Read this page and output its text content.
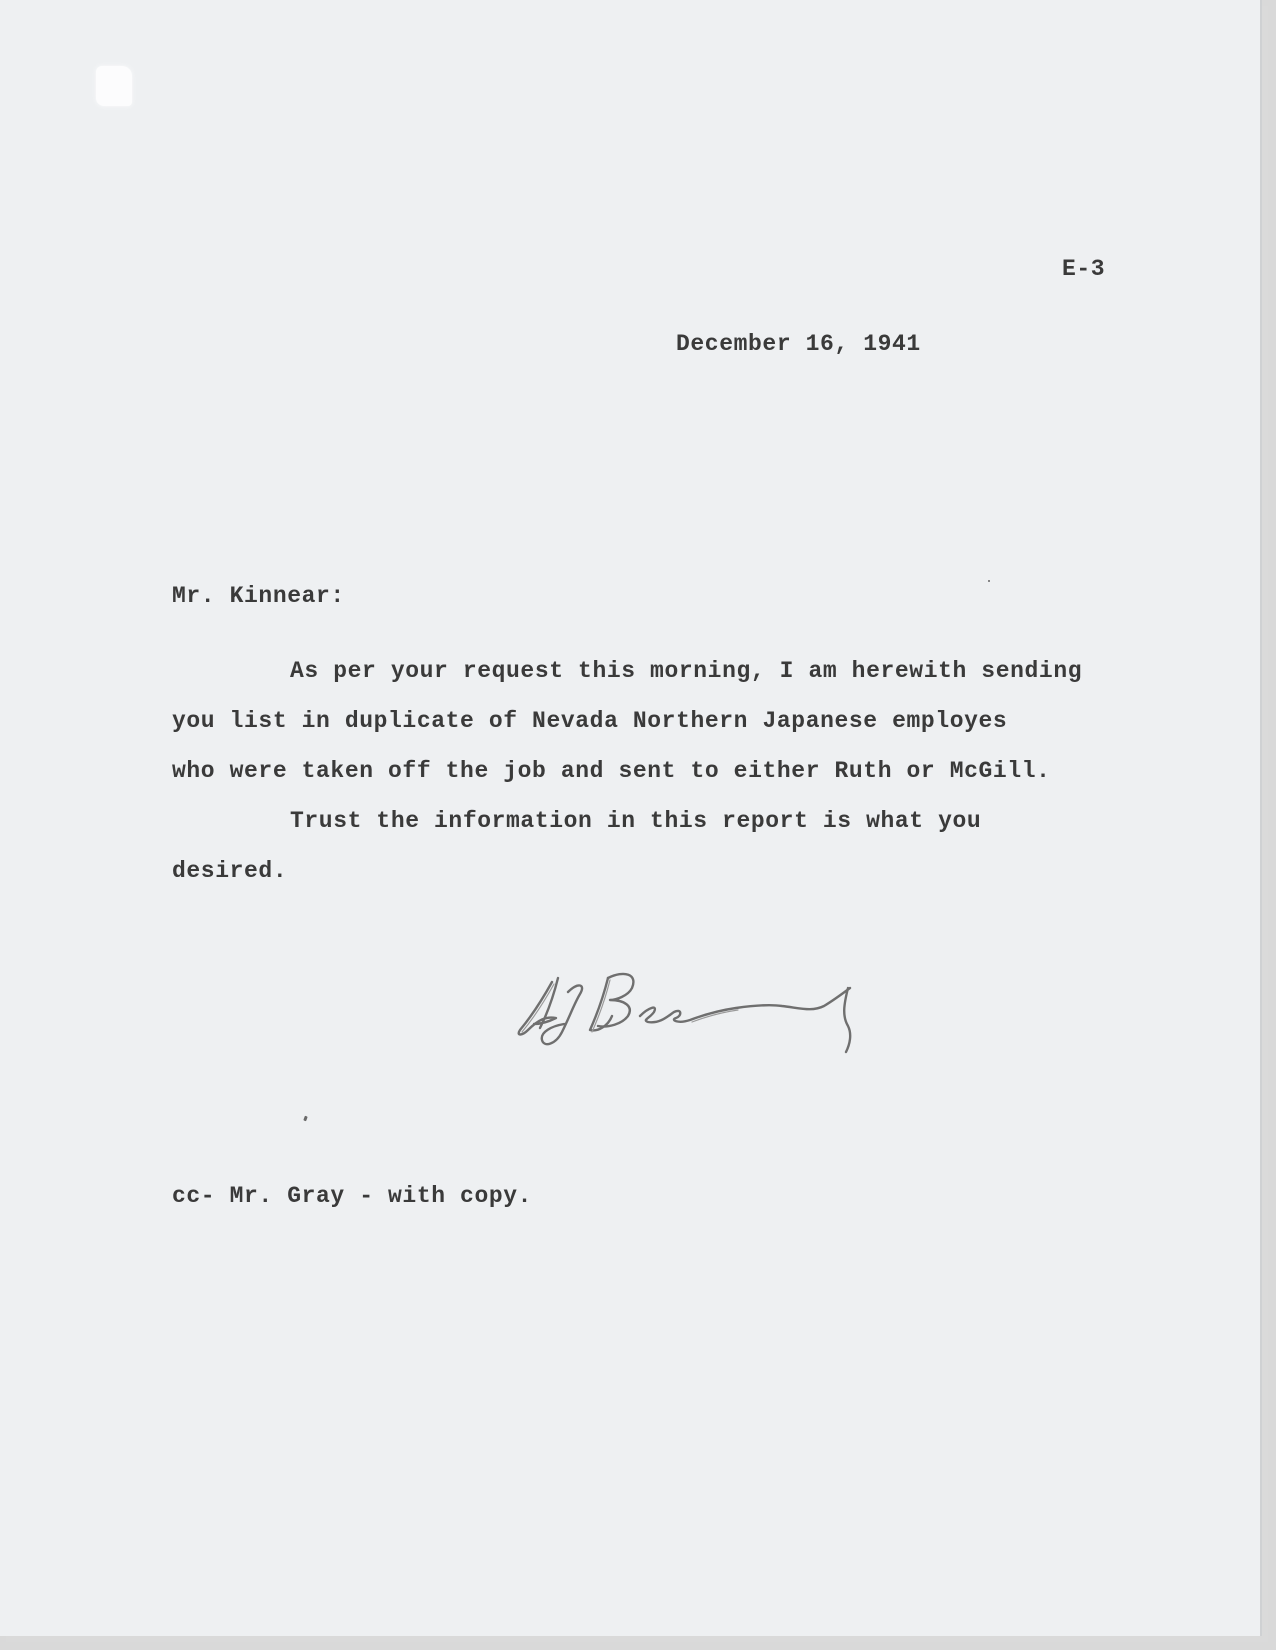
E-3

December 16, 1941

Mr. Kinnear:

As per your request this morning, I am herewith sending

you list in duplicate of Nevada Northern Japanese employes

who were taken off the job and sent to either Ruth or McGill.

Trust the information in this report is what you

desired.

cc- Mr. Gray - with copy.
